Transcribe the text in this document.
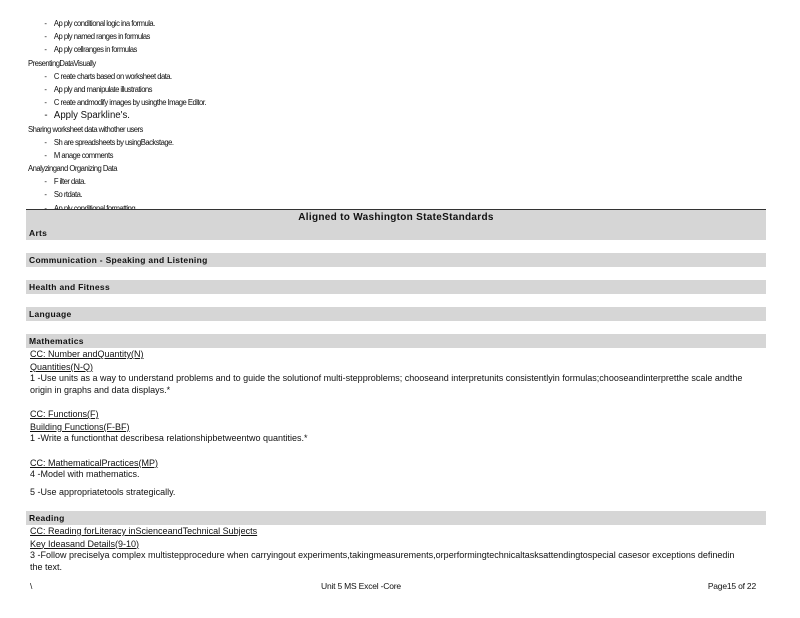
- Ap ply conditional logic ina formula.
- Ap ply named ranges in formulas
- Ap ply cellranges in formulas
PresentingDataVisually
- C reate charts based on worksheet data.
- Ap ply and manipulate illustrations
- C reate andmodify images by usingthe Image Editor.
- Apply Sparkline's.
Sharing worksheet data withother users
- Sh are spreadsheets by usingBackstage.
- M anage comments
Analyzingand Organizing Data
- F ilter data.
- So rtdata.
Aligned to Washington StateStandards
Arts
Communication - Speaking and Listening
Health and Fitness
Language
Mathematics
CC: Number andQuantity(N)
Quantities(N-Q)
1 -Use units as a way to understand problems and to guide the solutionof multi-stepproblems; chooseand interpretunits consistentlyin formulas;chooseandinterpretthe scale andthe origin in graphs and data displays.*
CC: Functions(F)
Building Functions(F-BF)
1 -Write a functionthat describesa relationshipbetweentwo quantities.*
CC: MathematicalPractices(MP)
4 -Model with mathematics.
5 -Use appropriatetools strategically.
Reading
CC: Reading forLiteracy inScienceandTechnical Subjects
Key Ideasand Details(9-10)
3 -Follow preciselya complex multistepprocedure when carryingout experiments,takingmeasurements,orperformingtechnicaltasksattendingtospecial casesor exceptions definedin the text.
\	Unit 5 MS Excel -Core	Page15 of 22
